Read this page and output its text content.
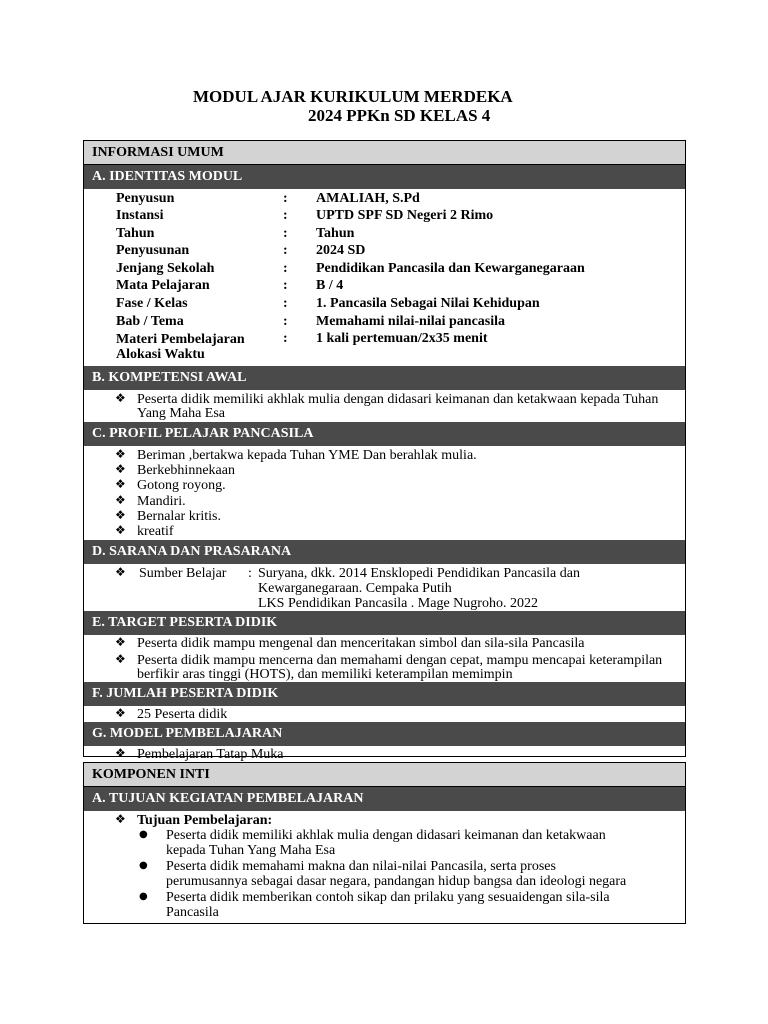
MODUL AJAR KURIKULUM MERDEKA
2024 PPKn SD KELAS 4
INFORMASI UMUM
A. IDENTITAS MODUL
Penyusun	: AMALIAH, S.Pd
Instansi	: UPTD SPF SD Negeri 2 Rimo
Tahun	: Tahun
Penyusunan	: 2024 SD
Jenjang Sekolah	: Pendidikan Pancasila dan Kewarganegaraan
Mata Pelajaran	: B / 4
Fase / Kelas	: 1. Pancasila Sebagai Nilai Kehidupan
Bab / Tema	: Memahami nilai-nilai pancasila
Materi Pembelajaran	: 1 kali pertemuan/2x35 menit
Alokasi Waktu
B. KOMPETENSI AWAL
❖ Peserta didik memiliki akhlak mulia dengan didasari keimanan dan ketakwaan kepada Tuhan
Yang Maha Esa
C. PROFIL PELAJAR PANCASILA
❖ Beriman ,bertakwa kepada Tuhan YME Dan berahlak mulia.
❖ Berkebhinnekaan
❖ Gotong royong.
❖ Mandiri.
❖ Bernalar kritis.
❖ kreatif
D. SARANA DAN PRASARANA
❖ Sumber Belajar : Suryana, dkk. 2014 Ensklopedi Pendidikan Pancasila dan
Kewarganegaraan. Cempaka Putih
LKS Pendidikan Pancasila . Mage Nugroho. 2022
E. TARGET PESERTA DIDIK
❖ Peserta didik mampu mengenal dan menceritakan simbol dan sila-sila Pancasila
❖ Peserta didik mampu mencerna dan memahami dengan cepat, mampu mencapai keterampilan
berfikir aras tinggi (HOTS), dan memiliki keterampilan memimpin
F. JUMLAH PESERTA DIDIK
❖ 25 Peserta didik
G. MODEL PEMBELAJARAN
❖ Pembelajaran Tatap Muka
KOMPONEN INTI
A. TUJUAN KEGIATAN PEMBELAJARAN
❖ Tujuan Pembelajaran:
● Peserta didik memiliki akhlak mulia dengan didasari keimanan dan ketakwaan
kepada Tuhan Yang Maha Esa
● Peserta didik memahami makna dan nilai-nilai Pancasila, serta proses
perumusannya sebagai dasar negara, pandangan hidup bangsa dan ideologi negara
● Peserta didik memberikan contoh sikap dan prilaku yang sesuaidengan sila-sila
Pancasila
